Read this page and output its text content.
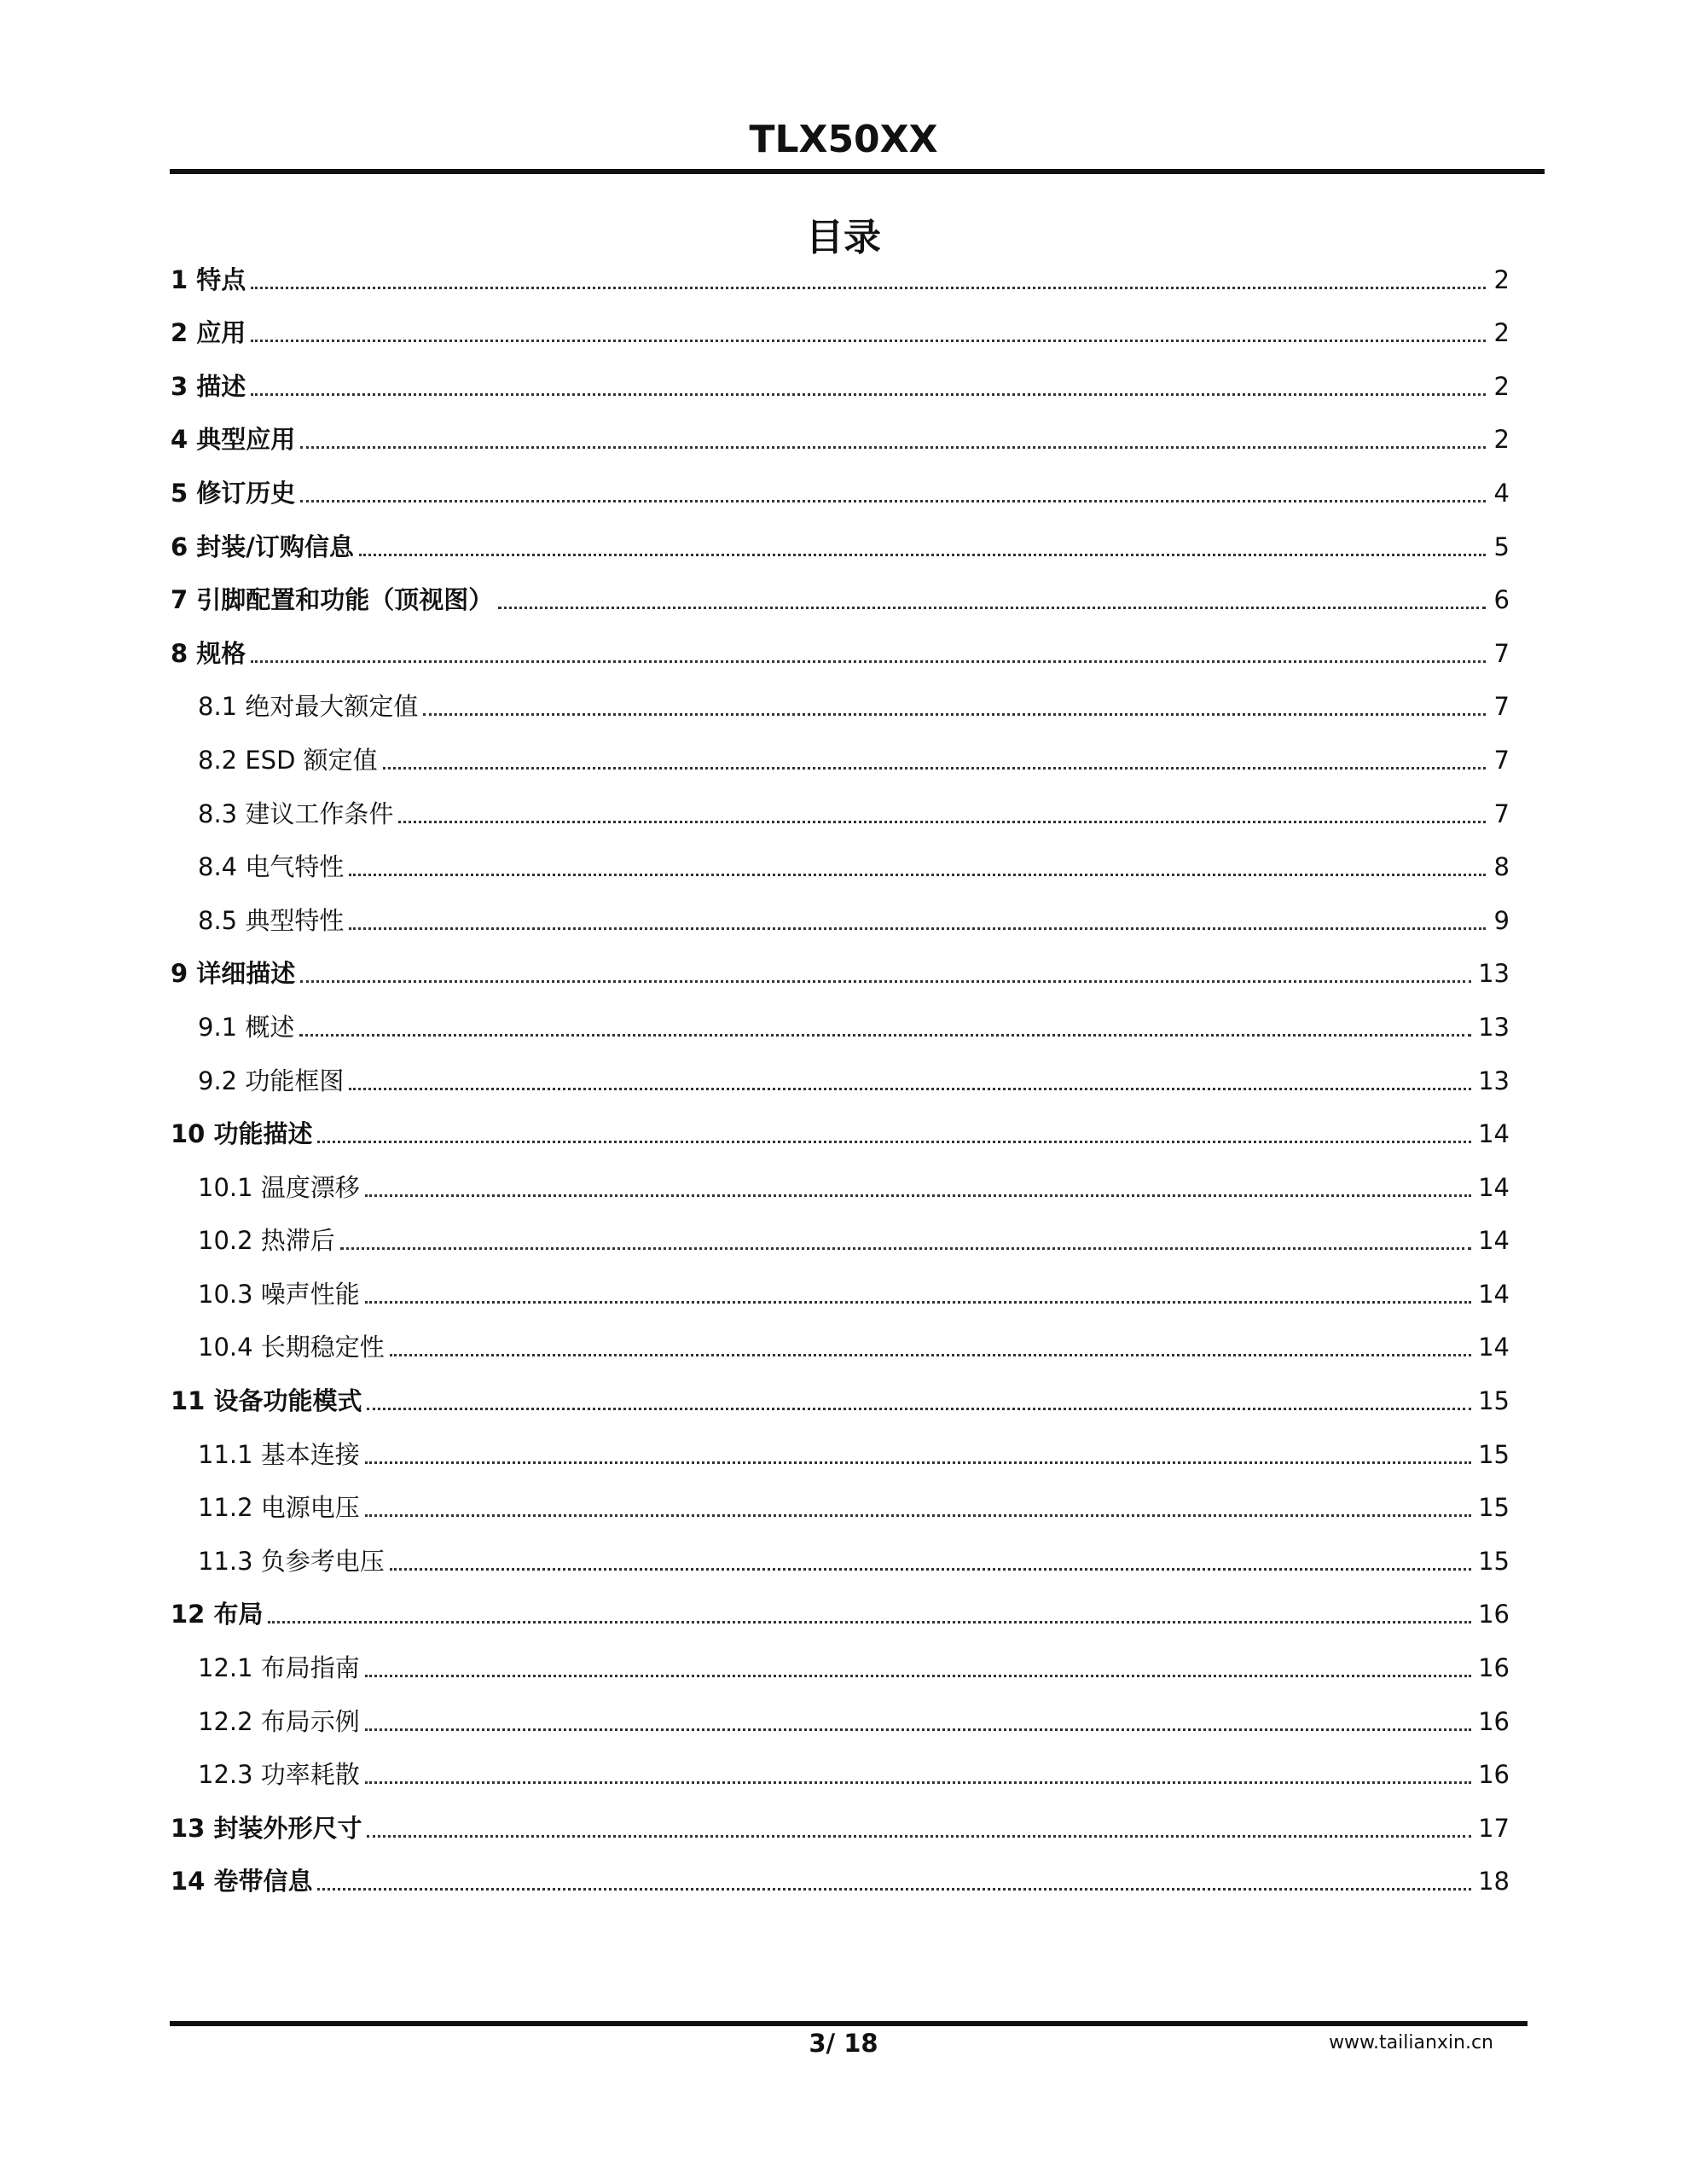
TLX50XX
目录
1 特点	2
2 应用	2
3 描述	2
4 典型应用	2
5 修订历史	4
6 封装/订购信息	5
7 引脚配置和功能（顶视图）	6
8 规格	7
8.1 绝对最大额定值	7
8.2 ESD 额定值	7
8.3 建议工作条件	7
8.4 电气特性	8
8.5 典型特性	9
9 详细描述	13
9.1 概述	13
9.2 功能框图	13
10 功能描述	14
10.1 温度漂移	14
10.2 热滞后	14
10.3 噪声性能	14
10.4 长期稳定性	14
11 设备功能模式	15
11.1 基本连接	15
11.2 电源电压	15
11.3 负参考电压	15
12 布局	16
12.1 布局指南	16
12.2 布局示例	16
12.3 功率耗散	16
13 封装外形尺寸	17
14 卷带信息	18
3/ 18	www.tailianxin.cn
